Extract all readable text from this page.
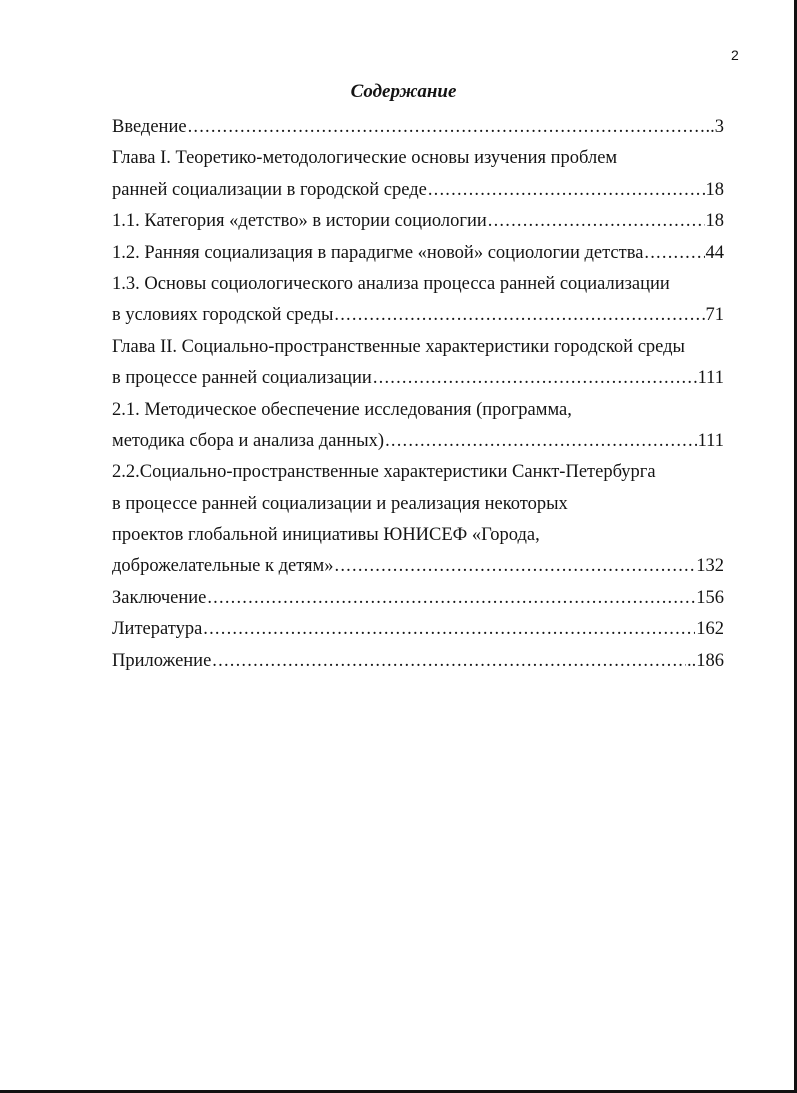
2
Содержание
Введение .....	..3
Глава I. Теоретико-методологические основы изучения проблем
ранней социализации в городской среде .....	18
1.1. Категория «детство» в истории социологии .....	18
1.2. Ранняя социализация в парадигме «новой» социологии детства .....	44
1.3. Основы социологического анализа процесса ранней социализации
в условиях городской среды .....	71
Глава II. Социально-пространственные характеристики городской среды
в процессе ранней социализации .....	111
2.1. Методическое обеспечение исследования (программа,
методика сбора и анализа данных) .....	111
2.2.Социально-пространственные характеристики Санкт-Петербурга
в процессе ранней социализации и реализация некоторых
проектов глобальной инициативы ЮНИСЕФ «Города,
доброжелательные к детям» .....	132
Заключение .....	156
Литература .....	162
Приложение .....	..186
